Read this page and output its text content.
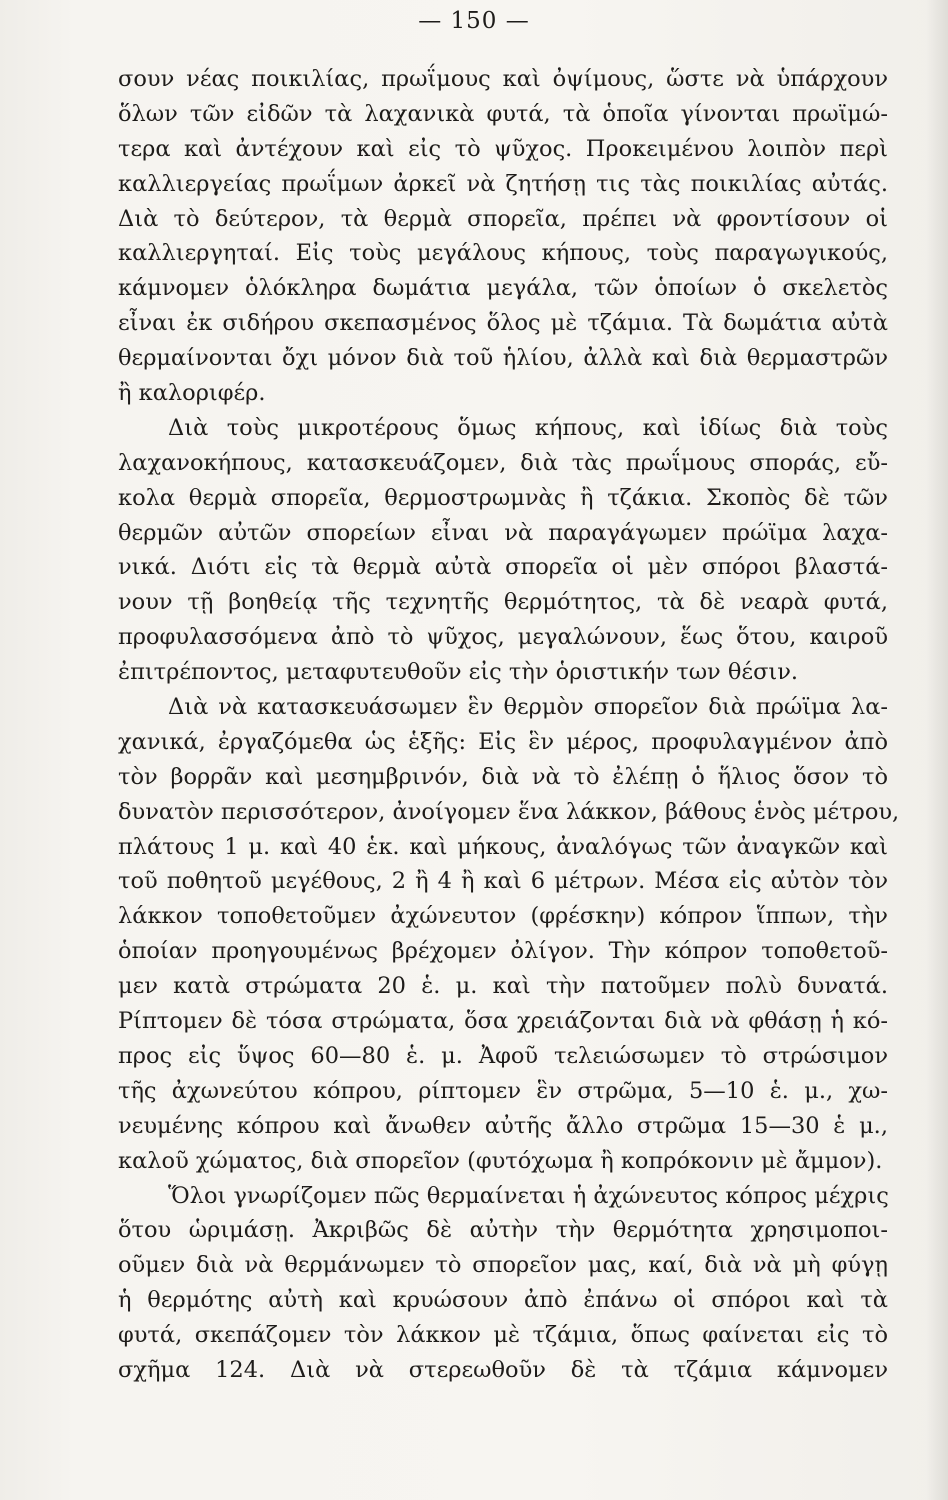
— 150 —
σουν νέας ποικιλίας, πρωΐμους καὶ ὀψίμους, ὥστε νὰ ὑπάρχουν
ὅλων τῶν εἰδῶν τὰ λαχανικὰ φυτά, τὰ ὁποῖα γίνονται πρωϊμώ-
τερα καὶ ἀντέχουν καὶ εἰς τὸ ψῦχος. Προκειμένου λοιπὸν περὶ
καλλιεργείας πρωΐμων ἀρκεῖ νὰ ζητήσῃ τις τὰς ποικιλίας αὐτάς.
Διὰ τὸ δεύτερον, τὰ θερμὰ σπορεῖα, πρέπει νὰ φροντίσουν οἱ
καλλιεργηταί. Εἰς τοὺς μεγάλους κήπους, τοὺς παραγωγικούς,
κάμνομεν ὁλόκληρα δωμάτια μεγάλα, τῶν ὁποίων ὁ σκελετὸς
εἶναι ἐκ σιδήρου σκεπασμένος ὅλος μὲ τζάμια. Τὰ δωμάτια αὐτὰ
θερμαίνονται ὄχι μόνον διὰ τοῦ ἡλίου, ἀλλὰ καὶ διὰ θερμαστρῶν
ἢ καλοριφέρ.
Διὰ τοὺς μικροτέρους ὅμως κήπους, καὶ ἰδίως διὰ τοὺς
λαχανοκήπους, κατασκευάζομεν, διὰ τὰς πρωΐμους σποράς, εὔ-
κολα θερμὰ σπορεῖα, θερμοστρωμνὰς ἢ τζάκια. Σκοπὸς δὲ τῶν
θερμῶν αὐτῶν σπορείων εἶναι νὰ παραγάγωμεν πρώϊμα λαχα-
νικά. Διότι εἰς τὰ θερμὰ αὐτὰ σπορεῖα οἱ μὲν σπόροι βλαστά-
νουν τῇ βοηθείᾳ τῆς τεχνητῆς θερμότητος, τὰ δὲ νεαρὰ φυτά,
προφυλασσόμενα ἀπὸ τὸ ψῦχος, μεγαλώνουν, ἕως ὅτου, καιροῦ
ἐπιτρέποντος, μεταφυτευθοῦν εἰς τὴν ὁριστικήν των θέσιν.
Διὰ νὰ κατασκευάσωμεν ἓν θερμὸν σπορεῖον διὰ πρώϊμα λα-
χανικά, ἐργαζόμεθα ὡς ἑξῆς: Εἰς ἓν μέρος, προφυλαγμένον ἀπὸ
τὸν βορρᾶν καὶ μεσημβρινόν, διὰ νὰ τὸ ἐλέπῃ ὁ ἥλιος ὅσον τὸ
δυνατὸν περισσότερον, ἀνοίγομεν ἕνα λάκκον, βάθους ἑνὸς μέτρου,
πλάτους 1 μ. καὶ 40 ἑκ. καὶ μήκους, ἀναλόγως τῶν ἀναγκῶν καὶ
τοῦ ποθητοῦ μεγέθους, 2 ἢ 4 ἢ καὶ 6 μέτρων. Μέσα εἰς αὐτὸν τὸν
λάκκον τοποθετοῦμεν ἀχώνευτον (φρέσκην) κόπρον ἵππων, τὴν
ὁποίαν προηγουμένως βρέχομεν ὀλίγον. Τὴν κόπρον τοποθετοῦ-
μεν κατὰ στρώματα 20 ἑ. μ. καὶ τὴν πατοῦμεν πολὺ δυνατά.
Ρίπτομεν δὲ τόσα στρώματα, ὅσα χρειάζονται διὰ νὰ φθάσῃ ἡ κό-
προς εἰς ὕψος 60—80 ἑ. μ. Ἀφοῦ τελειώσωμεν τὸ στρώσιμον
τῆς ἀχωνεύτου κόπρου, ρίπτομεν ἓν στρῶμα, 5—10 ἑ. μ., χω-
νευμένης κόπρου καὶ ἄνωθεν αὐτῆς ἄλλο στρῶμα 15—30 ἑ μ.,
καλοῦ χώματος, διὰ σπορεῖον (φυτόχωμα ἢ κοπρόκονιν μὲ ἄμμον).
Ὅλοι γνωρίζομεν πῶς θερμαίνεται ἡ ἀχώνευτος κόπρος μέχρις
ὅτου ὡριμάσῃ. Ἀκριβῶς δὲ αὐτὴν τὴν θερμότητα χρησιμοποι-
οῦμεν διὰ νὰ θερμάνωμεν τὸ σπορεῖον μας, καί, διὰ νὰ μὴ φύγῃ
ἡ θερμότης αὐτὴ καὶ κρυώσουν ἀπὸ ἐπάνω οἱ σπόροι καὶ τὰ
φυτά, σκεπάζομεν τὸν λάκκον μὲ τζάμια, ὅπως φαίνεται εἰς τὸ
σχῆμα 124. Διὰ νὰ στερεωθοῦν δὲ τὰ τζάμια κάμνομεν
